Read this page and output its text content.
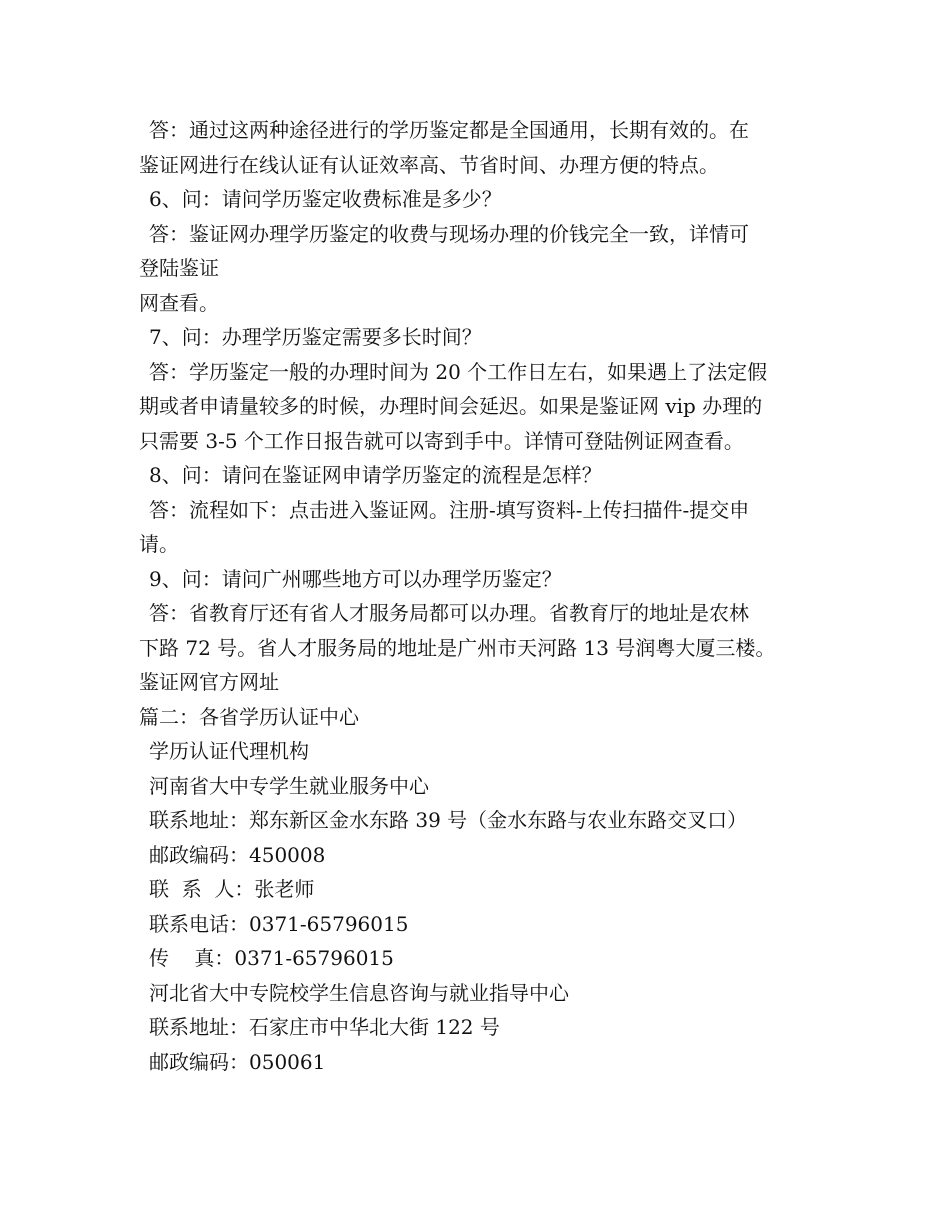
答：通过这两种途径进行的学历鉴定都是全国通用，长期有效的。在
鉴证网进行在线认证有认证效率高、节省时间、办理方便的特点。
6、问：请问学历鉴定收费标准是多少？
答：鉴证网办理学历鉴定的收费与现场办理的价钱完全一致，详情可
登陆鉴证
网查看。
7、问：办理学历鉴定需要多长时间？
答：学历鉴定一般的办理时间为 20 个工作日左右，如果遇上了法定假
期或者申请量较多的时候，办理时间会延迟。如果是鉴证网 vip 办理的
只需要 3-5 个工作日报告就可以寄到手中。详情可登陆例证网查看。
8、问：请问在鉴证网申请学历鉴定的流程是怎样？
答：流程如下：点击进入鉴证网。注册-填写资料-上传扫描件-提交申
请。
9、问：请问广州哪些地方可以办理学历鉴定？
答：省教育厅还有省人才服务局都可以办理。省教育厅的地址是农林
下路 72 号。省人才服务局的地址是广州市天河路 13 号润粤大厦三楼。
鉴证网官方网址
篇二：各省学历认证中心
学历认证代理机构
河南省大中专学生就业服务中心
联系地址：郑东新区金水东路 39 号（金水东路与农业东路交叉口）
邮政编码：450008
联  系  人：张老师
联系电话：0371-65796015
传    真：0371-65796015
河北省大中专院校学生信息咨询与就业指导中心
联系地址：石家庄市中华北大街 122 号
邮政编码：050061
